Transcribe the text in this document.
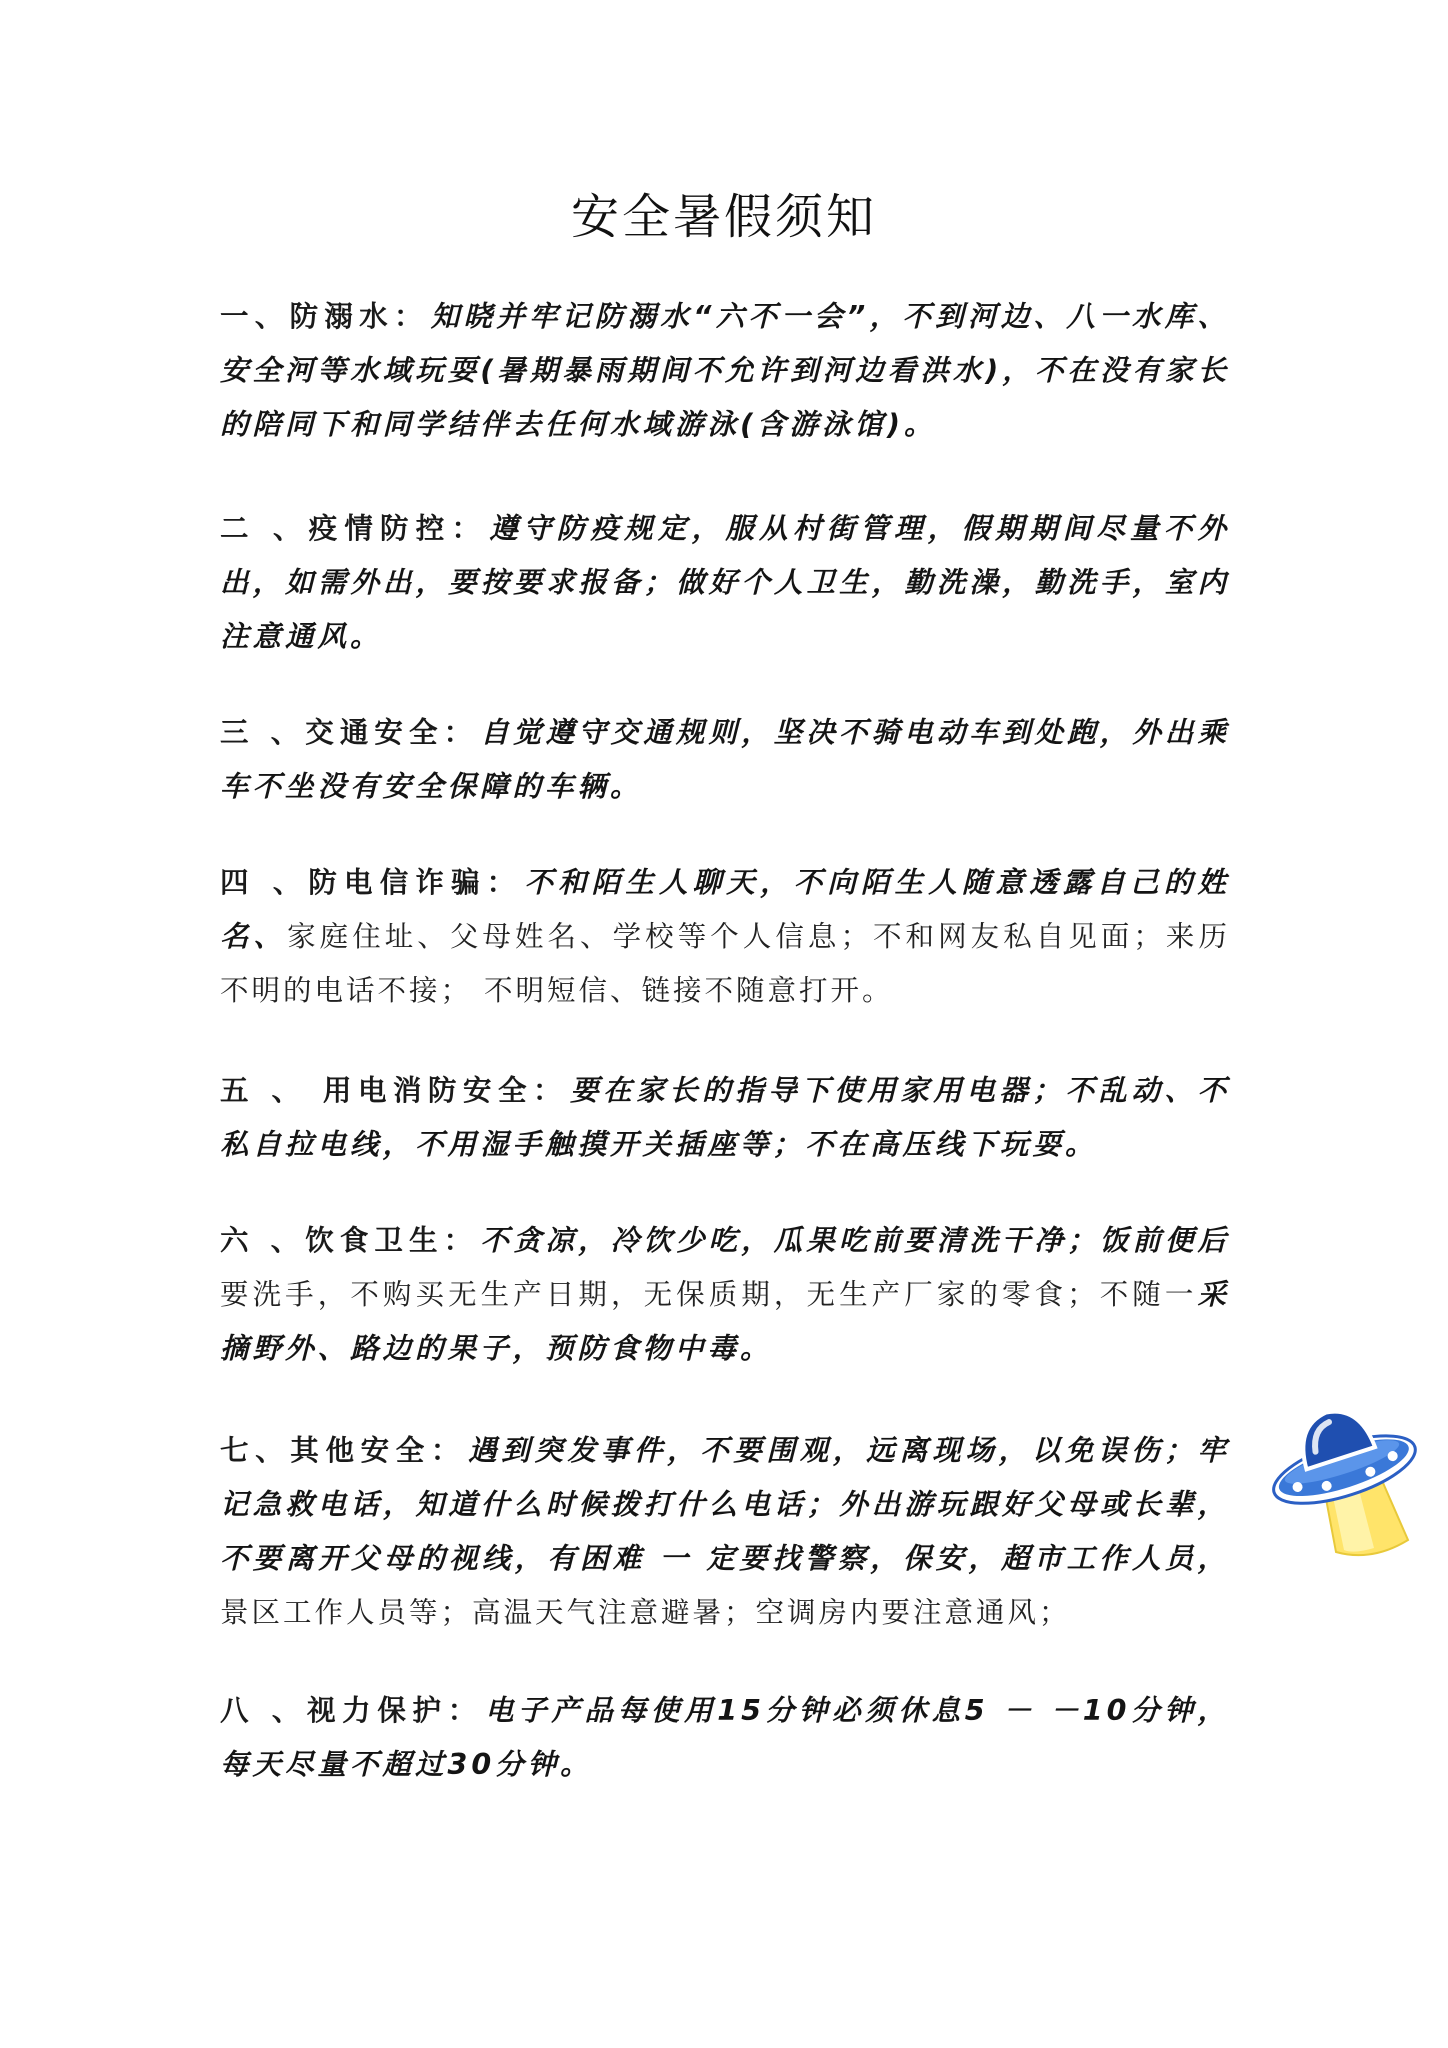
安全暑假须知

一、防溺水：知晓并牢记防溺水“六不一会”，不到河边、八一水库、安全河等水域玩耍(暑期暴雨期间不允许到河边看洪水)，不在没有家长的陪同下和同学结伴去任何水域游泳(含游泳馆)。

二 、疫情防控：遵守防疫规定，服从村街管理，假期期间尽量不外出，如需外出，要按要求报备；做好个人卫生，勤洗澡，勤洗手，室内注意通风。

三 、交通安全：自觉遵守交通规则，坚决不骑电动车到处跑，外出乘车不坐没有安全保障的车辆。

四 、防电信诈骗：不和陌生人聊天，不向陌生人随意透露自己的姓名、家庭住址、父母姓名、学校等个人信息；不和网友私自见面；来历不明的电话不接； 不明短信、链接不随意打开。

五 、 用电消防安全：要在家长的指导下使用家用电器；不乱动、不私自拉电线，不用湿手触摸开关插座等；不在高压线下玩耍。

六 、饮食卫生：不贪凉，冷饮少吃，瓜果吃前要清洗干净；饭前便后要洗手，不购买无生产日期，无保质期，无生产厂家的零食；不随一采摘野外、路边的果子，预防食物中毒。

七、其他安全：遇到突发事件，不要围观，远离现场，以免误伤；牢记急救电话，知道什么时候拨打什么电话；外出游玩跟好父母或长辈，不要离开父母的视线，有困难 一 定要找警察，保安，超市工作人员，景区工作人员等；高温天气注意避暑；空调房内要注意通风；

八 、视力保护：电子产品每使用15分钟必须休息5 － －10分钟，每天尽量不超过30分钟。
